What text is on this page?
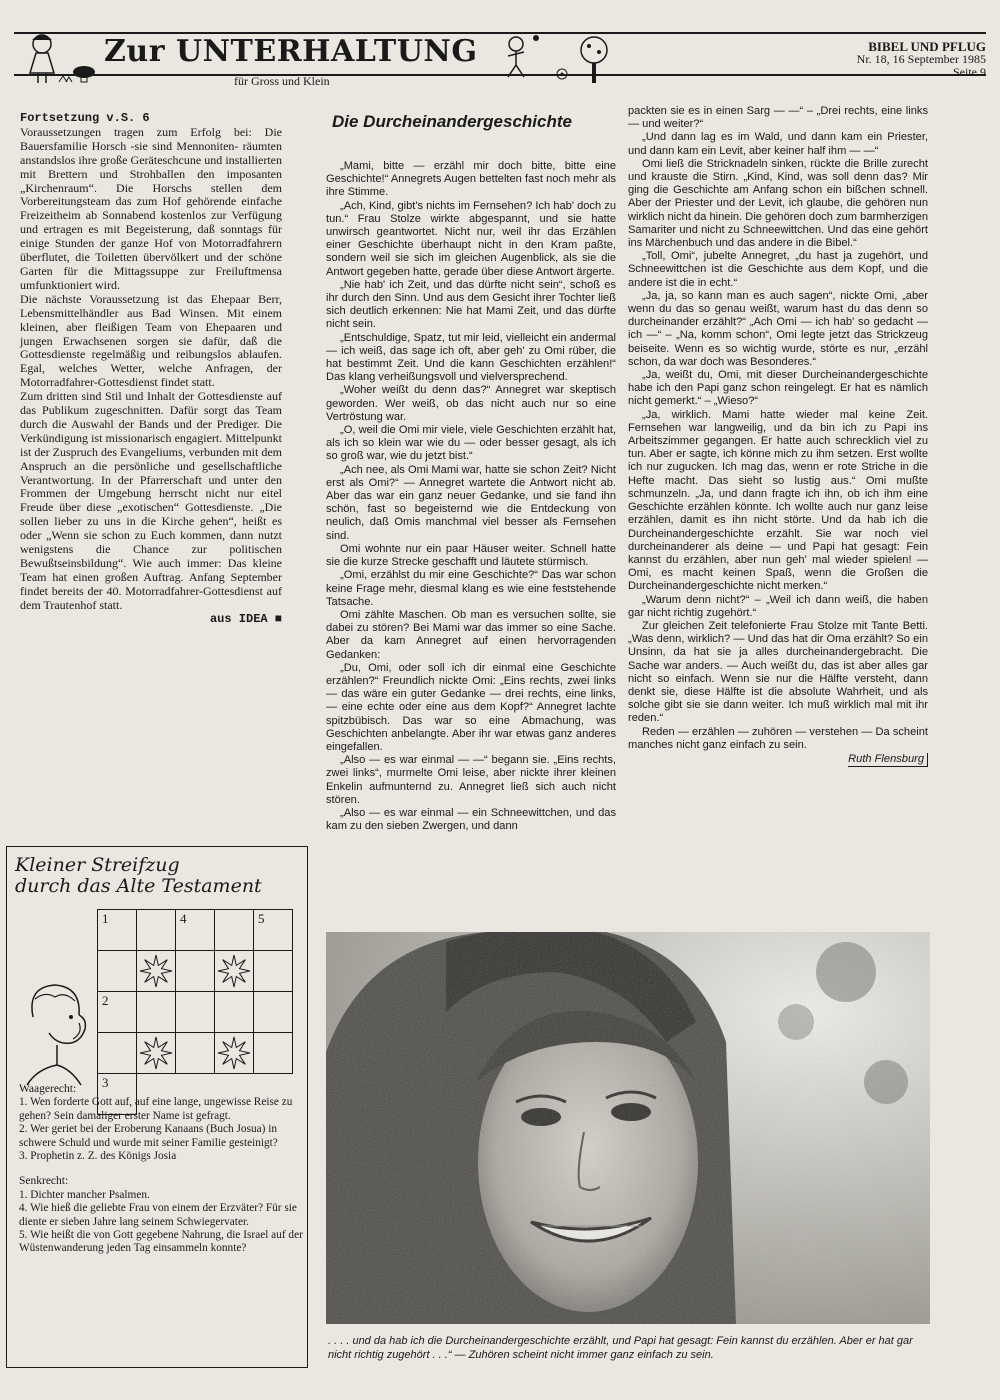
Zur UNTERHALTUNG
für Gross und Klein
BIBEL UND PFLUG
Nr. 18, 16 September 1985
Seite 9

Fortsetzung v.S. 6

Voraussetzungen tragen zum Erfolg bei: Die Bauersfamilie Horsch -sie sind Mennoniten- räumten anstandslos ihre große Geräteschcune und installierten mit Brettern und Strohballen den imposanten „Kirchenraum“. Die Horschs stellen dem Vorbereitungsteam das zum Hof gehörende einfache Freizeitheim ab Sonnabend kostenlos zur Verfügung und ertragen es mit Begeisterung, daß sonntags für einige Stunden der ganze Hof von Motorradfahrern überflutet, die Toiletten übervölkert und der schöne Garten für die Mittagssuppe zur Freiluftmensa umfunktioniert wird.

Die nächste Voraussetzung ist das Ehepaar Berr, Lebensmittelhändler aus Bad Winsen. Mit einem kleinen, aber fleißigen Team von Ehepaaren und jungen Erwachsenen sorgen sie dafür, daß die Gottesdienste regelmäßig und reibungslos ablaufen. Egal, welches Wetter, welche Anfragen, der Motorradfahrer-Gottesdienst findet statt.

Zum dritten sind Stil und Inhalt der Gottesdienste auf das Publikum zugeschnitten. Dafür sorgt das Team durch die Auswahl der Bands und der Prediger. Die Verkündigung ist missionarisch engagiert. Mittelpunkt ist der Zuspruch des Evangeliums, verbunden mit dem Anspruch an die persönliche und gesellschaftliche Verantwortung. In der Pfarrerschaft und unter den Frommen der Umgebung herrscht nicht nur eitel Freude über diese „exotischen“ Gottesdienste. „Die sollen lieber zu uns in die Kirche gehen“, heißt es oder „Wenn sie schon zu Euch kommen, dann nutzt wenigstens die Chance zur politischen Bewußtseinsbildung“. Wie auch immer: Das kleine Team hat einen großen Auftrag. Anfang September findet bereits der 40. Motorradfahrer-Gottesdienst auf dem Trautenhof statt.

aus IDEA ■

Die Durcheinandergeschichte

„Mami, bitte — erzähl mir doch bitte, bitte eine Geschichte!“ Annegrets Augen bettelten fast noch mehr als ihre Stimme.

„Ach, Kind, gibt's nichts im Fernsehen? Ich hab' doch zu tun.“ Frau Stolze wirkte abgespannt, und sie hatte unwirsch geantwortet. Nicht nur, weil ihr das Erzählen einer Geschichte überhaupt nicht in den Kram paßte, sondern weil sie sich im gleichen Augenblick, als sie die Antwort gegeben hatte, gerade über diese Antwort ärgerte.

„Nie hab' ich Zeit, und das dürfte nicht sein“, schoß es ihr durch den Sinn. Und aus dem Gesicht ihrer Tochter ließ sich deutlich erkennen: Nie hat Mami Zeit, und das dürfte nicht sein.

„Entschuldige, Spatz, tut mir leid, vielleicht ein andermal — ich weiß, das sage ich oft, aber geh' zu Omi rüber, die hat bestimmt Zeit. Und die kann Geschichten erzählen!“ Das klang verheißungsvoll und vielversprechend.

„Woher weißt du denn das?“ Annegret war skeptisch geworden. Wer weiß, ob das nicht auch nur so eine Vertröstung war.

„O, weil die Omi mir viele, viele Geschichten erzählt hat, als ich so klein war wie du — oder besser gesagt, als ich so groß war, wie du jetzt bist.“

„Ach nee, als Omi Mami war, hatte sie schon Zeit? Nicht erst als Omi?“ — Annegret wartete die Antwort nicht ab. Aber das war ein ganz neuer Gedanke, und sie fand ihn schön, fast so begeisternd wie die Entdeckung von neulich, daß Omis manchmal viel besser als Fernsehen sind.

Omi wohnte nur ein paar Häuser weiter. Schnell hatte sie die kurze Strecke geschafft und läutete stürmisch.

„Omi, erzählst du mir eine Geschichte?“ Das war schon keine Frage mehr, diesmal klang es wie eine feststehende Tatsache.

Omi zählte Maschen. Ob man es versuchen sollte, sie dabei zu stören? Bei Mami war das immer so eine Sache. Aber da kam Annegret auf einen hervorragenden Gedanken:

„Du, Omi, oder soll ich dir einmal eine Geschichte erzählen?“ Freundlich nickte Omi: „Eins rechts, zwei links — das wäre ein guter Gedanke — drei rechts, eine links, — eine echte oder eine aus dem Kopf?“ Annegret lachte spitzbübisch. Das war so eine Abmachung, was Geschichten anbelangte. Aber ihr war etwas ganz anderes eingefallen.

„Also — es war einmal — —“ begann sie. „Eins rechts, zwei links“, murmelte Omi leise, aber nickte ihrer kleinen Enkelin aufmunternd zu. Annegret ließ sich auch nicht stören.

„Also — es war einmal — ein Schneewittchen, und das kam zu den sieben Zwergen, und dann

packten sie es in einen Sarg — —“ – „Drei rechts, eine links — und weiter?“

„Und dann lag es im Wald, und dann kam ein Priester, und dann kam ein Levit, aber keiner half ihm — —“

Omi ließ die Stricknadeln sinken, rückte die Brille zurecht und krauste die Stirn. „Kind, Kind, was soll denn das? Mir ging die Geschichte am Anfang schon ein bißchen schnell. Aber der Priester und der Levit, ich glaube, die gehören nun wirklich nicht da hinein. Die gehören doch zum barmherzigen Samariter und nicht zu Schneewittchen. Und das eine gehört ins Märchenbuch und das andere in die Bibel.“

„Toll, Omi“, jubelte Annegret, „du hast ja zugehört, und Schneewittchen ist die Geschichte aus dem Kopf, und die andere ist die in echt.“

„Ja, ja, so kann man es auch sagen“, nickte Omi, „aber wenn du das so genau weißt, warum hast du das denn so durcheinander erzählt?“ „Ach Omi — ich hab' so gedacht — ich —“ – „Na, komm schon“, Omi legte jetzt das Strickzeug beiseite. Wenn es so wichtig wurde, störte es nur, „erzähl schon, da war doch was Besonderes.“

„Ja, weißt du, Omi, mit dieser Durcheinandergeschichte habe ich den Papi ganz schon reingelegt. Er hat es nämlich nicht gemerkt.“ – „Wieso?“

„Ja, wirklich. Mami hatte wieder mal keine Zeit. Fernsehen war langweilig, und da bin ich zu Papi ins Arbeitszimmer gegangen. Er hatte auch schrecklich viel zu tun. Aber er sagte, ich könne mich zu ihm setzen. Erst wollte ich nur zugucken. Ich mag das, wenn er rote Striche in die Hefte macht. Das sieht so lustig aus.“ Omi mußte schmunzeln. „Ja, und dann fragte ich ihn, ob ich ihm eine Geschichte erzählen könnte. Ich wollte auch nur ganz leise erzählen, damit es ihn nicht störte. Und da hab ich die Durcheinandergeschichte erzählt. Sie war noch viel durcheinanderer als deine — und Papi hat gesagt: Fein kannst du erzählen, aber nun geh' mal wieder spielen! — Omi, es macht keinen Spaß, wenn die Großen die Durcheinandergeschichte nicht merken.“

„Warum denn nicht?“ – „Weil ich dann weiß, die haben gar nicht richtig zugehört.“

Zur gleichen Zeit telefonierte Frau Stolze mit Tante Betti. „Was denn, wirklich? — Und das hat dir Oma erzählt? So ein Unsinn, da hat sie ja alles durcheinandergebracht. Die Sache war anders. — Auch weißt du, das ist aber alles gar nicht so einfach. Wenn sie nur die Hälfte versteht, dann denkt sie, diese Hälfte ist die absolute Wahrheit, und als solche gibt sie sie dann weiter. Ich muß wirklich mal mit ihr reden.“

Reden — erzählen — zuhören — verstehen — Da scheint manches nicht ganz einfach zu sein.

Ruth Flensburg
Kleiner Streifzug
durch das Alte Testament
1	4	5
2
3

Waagerecht:

1. Wen forderte Gott auf, auf eine lange, ungewisse Reise zu gehen? Sein damaliger erster Name ist gefragt.

2. Wer geriet bei der Eroberung Kanaans (Buch Josua) in schwere Schuld und wurde mit seiner Familie gesteinigt?

3. Prophetin z. Z. des Königs Josia

Senkrecht:

1. Dichter mancher Psalmen.

4. Wie hieß die geliebte Frau von einem der Erzväter? Für sie diente er sieben Jahre lang seinem Schwiegervater.

5. Wie heißt die von Gott gegebene Nahrung, die Israel auf der Wüstenwanderung jeden Tag einsammeln konnte?

. . . . und da hab ich die Durcheinandergeschichte erzählt, und Papi hat gesagt: Fein kannst du erzählen. Aber er hat gar nicht richtig zugehört . . .“ — Zuhören scheint nicht immer ganz einfach zu sein.
